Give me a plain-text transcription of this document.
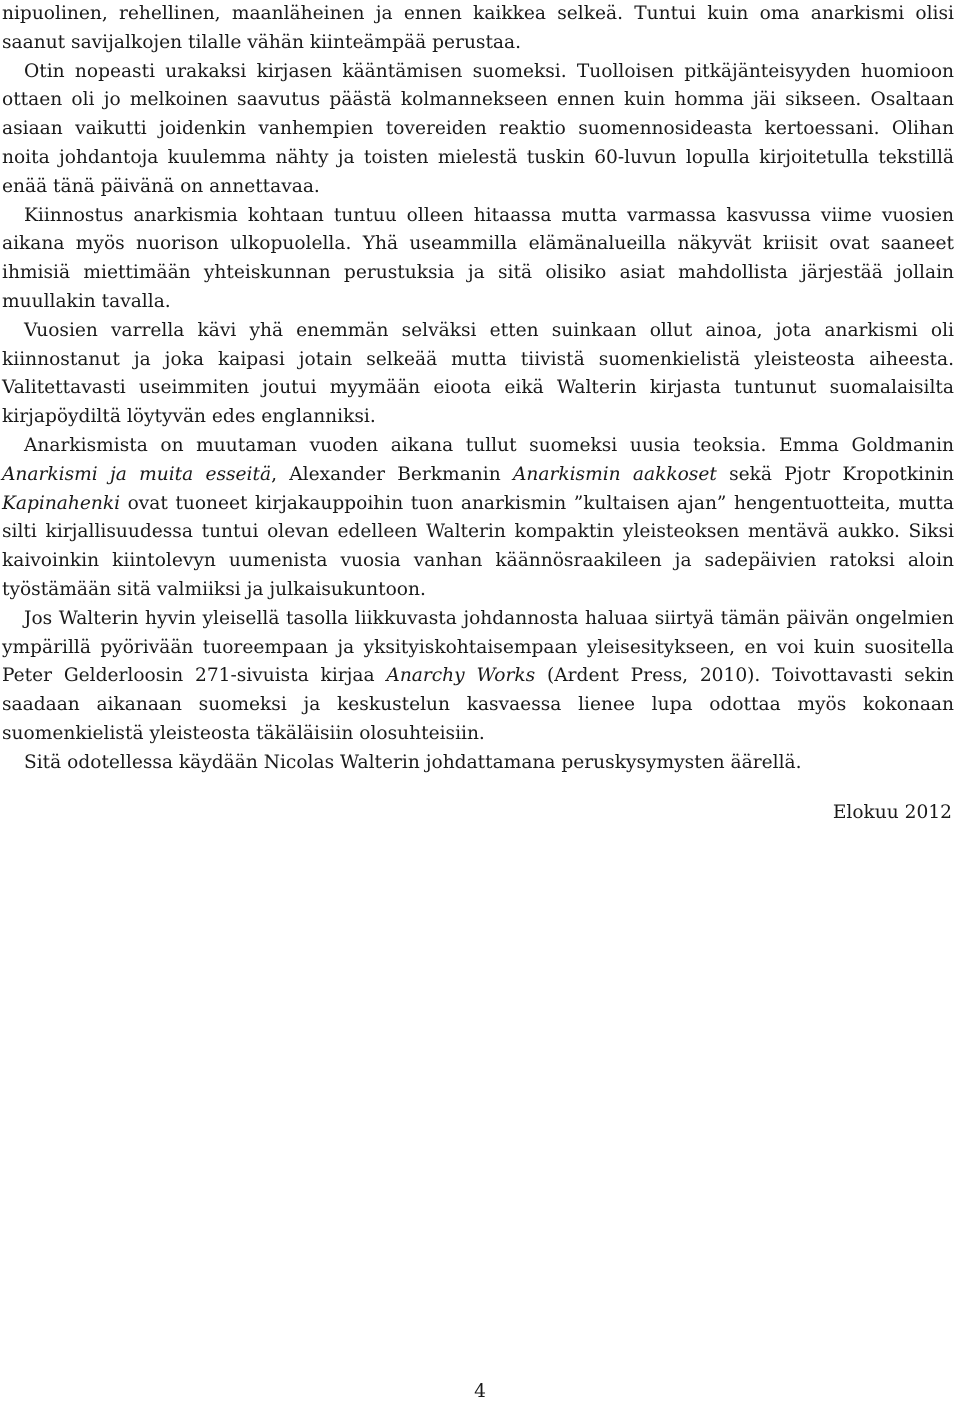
nipuolinen, rehellinen, maanläheinen ja ennen kaikkea selkeä. Tuntui kuin oma anarkismi olisi saanut savijalkojen tilalle vähän kiinteämpää perustaa.

Otin nopeasti urakaksi kirjasen kääntämisen suomeksi. Tuolloisen pitkäjänteisyyden huomioon ottaen oli jo melkoinen saavutus päästä kolmannekseen ennen kuin homma jäi sikseen. Osaltaan asiaan vaikutti joidenkin vanhempien tovereiden reaktio suomennosideasta kertoessani. Olihan noita johdantoja kuulemma nähty ja toisten mielestä tuskin 60-luvun lopulla kirjoitetulla tekstillä enää tänä päivänä on annettavaa.

Kiinnostus anarkismia kohtaan tuntuu olleen hitaassa mutta varmassa kasvussa viime vuosien aikana myös nuorison ulkopuolella. Yhä useammilla elämänalueilla näkyvät kriisit ovat saaneet ihmisiä miettimään yhteiskunnan perustuksia ja sitä olisiko asiat mahdollista järjestää jollain muullakin tavalla.

Vuosien varrella kävi yhä enemmän selväksi etten suinkaan ollut ainoa, jota anarkismi oli kiinnostanut ja joka kaipasi jotain selkeää mutta tiivistä suomenkielistä yleisteosta aiheesta. Valitettavasti useimmiten joutui myymään eioota eikä Walterin kirjasta tuntunut suomalaisilta kirjapöydiltä löytyvän edes englanniksi.

Anarkismista on muutaman vuoden aikana tullut suomeksi uusia teoksia. Emma Goldmanin Anarkismi ja muita esseitä, Alexander Berkmanin Anarkismin aakkoset sekä Pjotr Kropotkinin Kapinahenki ovat tuoneet kirjakauppoihin tuon anarkismin ”kultaisen ajan” hengentuotteita, mutta silti kirjallisuudessa tuntui olevan edelleen Walterin kompaktin yleisteoksen mentävä aukko. Siksi kaivoinkin kiintolevyn uumenista vuosia vanhan käännösraakileen ja sadepäivien ratoksi aloin työstämään sitä valmiiksi ja julkaisukuntoon.

Jos Walterin hyvin yleisellä tasolla liikkuvasta johdannosta haluaa siirtyä tämän päivän ongelmien ympärillä pyörivään tuoreempaan ja yksityiskohtaisempaan yleisesitykseen, en voi kuin suositella Peter Gelderloosin 271-sivuista kirjaa Anarchy Works (Ardent Press, 2010). Toivottavasti sekin saadaan aikanaan suomeksi ja keskustelun kasvaessa lienee lupa odottaa myös kokonaan suomenkielistä yleisteosta täkäläisiin olosuhteisiin.

Sitä odotellessa käydään Nicolas Walterin johdattamana peruskysymysten äärellä.

Elokuu 2012
4
